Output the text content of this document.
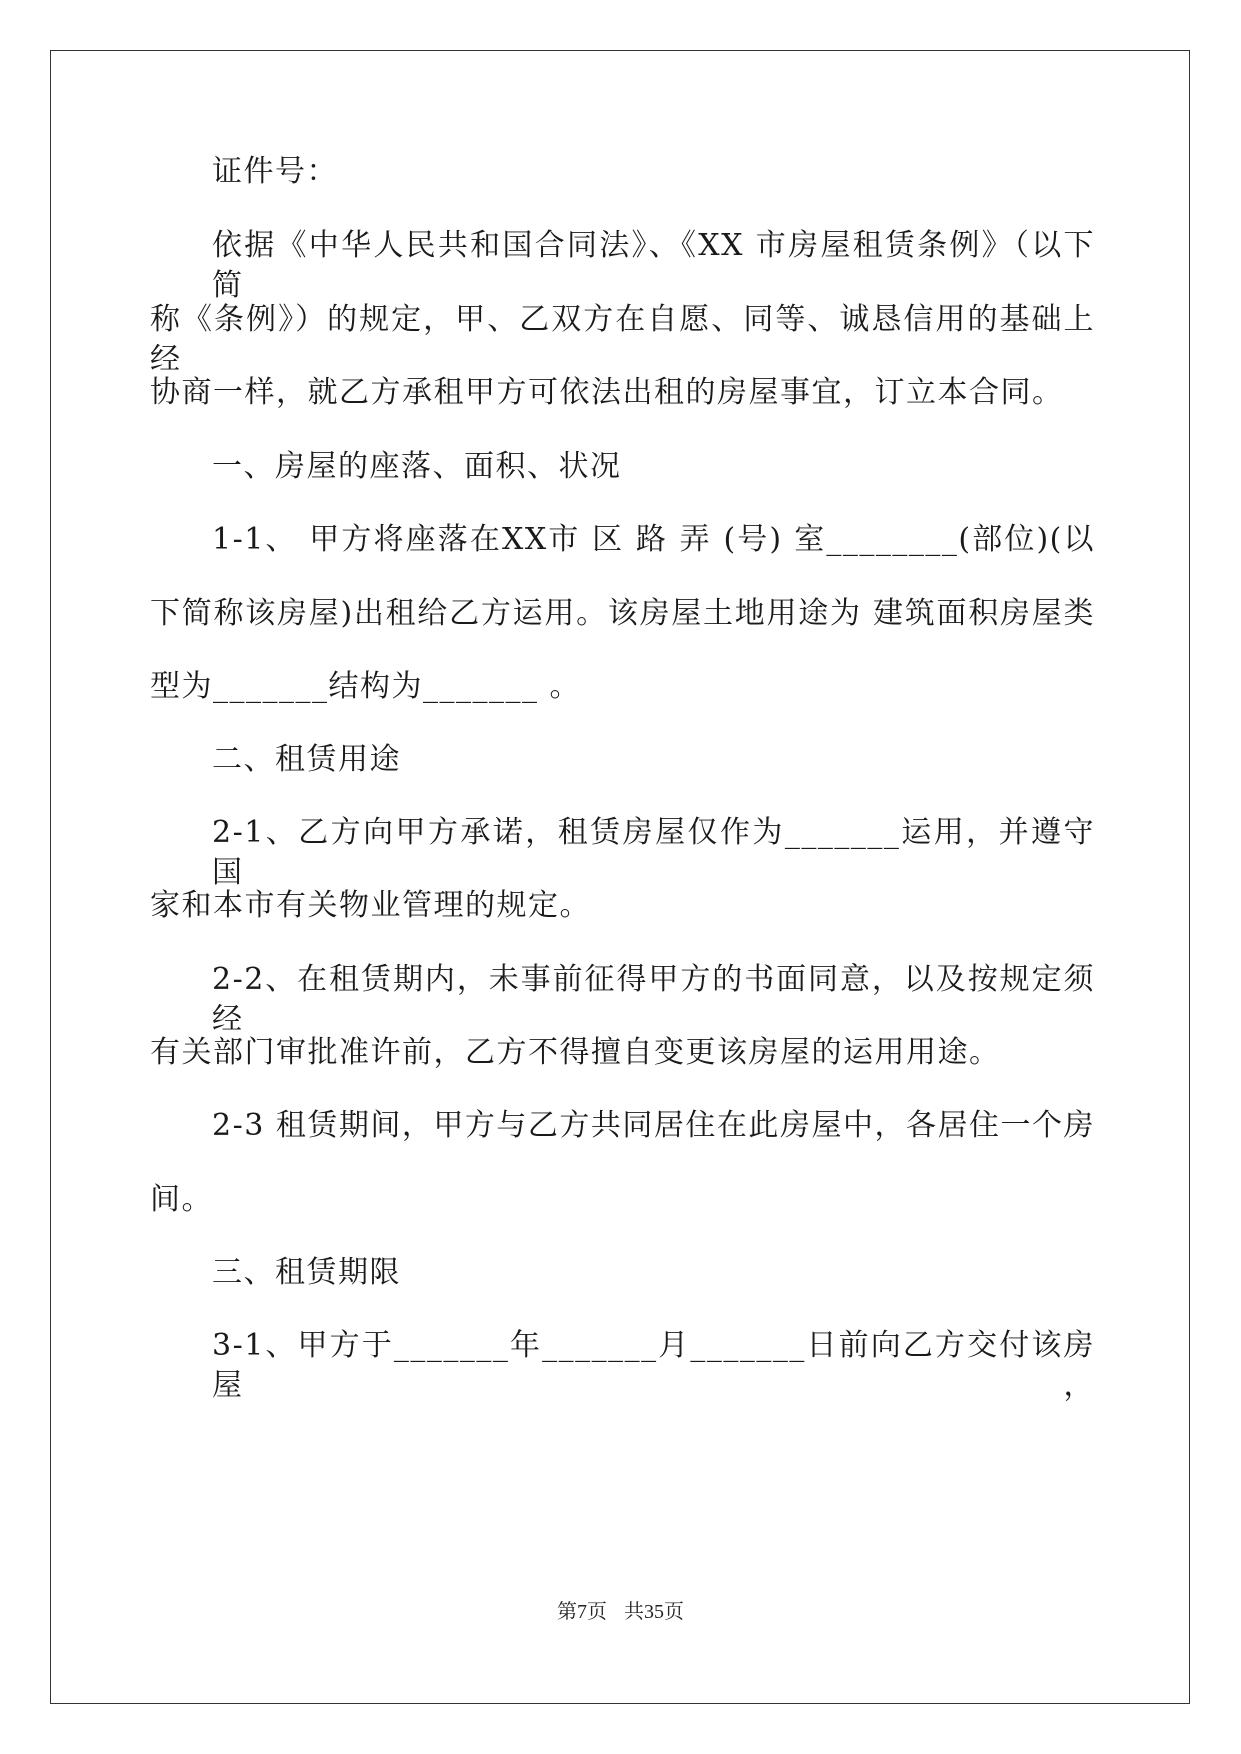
证件号：
依据《中华人民共和国合同法》、《XX 市房屋租赁条例》（以下简
称《条例》）的规定，甲、乙双方在自愿、同等、诚恳信用的基础上经
协商一样，就乙方承租甲方可依法出租的房屋事宜，订立本合同。
一、房屋的座落、面积、状况
1-1、 甲方将座落在XX市 区 路 弄 (号) 室________(部位)(以
下简称该房屋)出租给乙方运用。该房屋土地用途为 建筑面积房屋类
型为_______结构为_______ 。
二、租赁用途
2-1、乙方向甲方承诺，租赁房屋仅作为_______运用，并遵守国
家和本市有关物业管理的规定。
2-2、在租赁期内，未事前征得甲方的书面同意，以及按规定须经
有关部门审批准许前，乙方不得擅自变更该房屋的运用用途。
2-3 租赁期间，甲方与乙方共同居住在此房屋中，各居住一个房
间。
三、租赁期限
3-1、甲方于_______年_______月_______日前向乙方交付该房屋，
第7页 共35页
